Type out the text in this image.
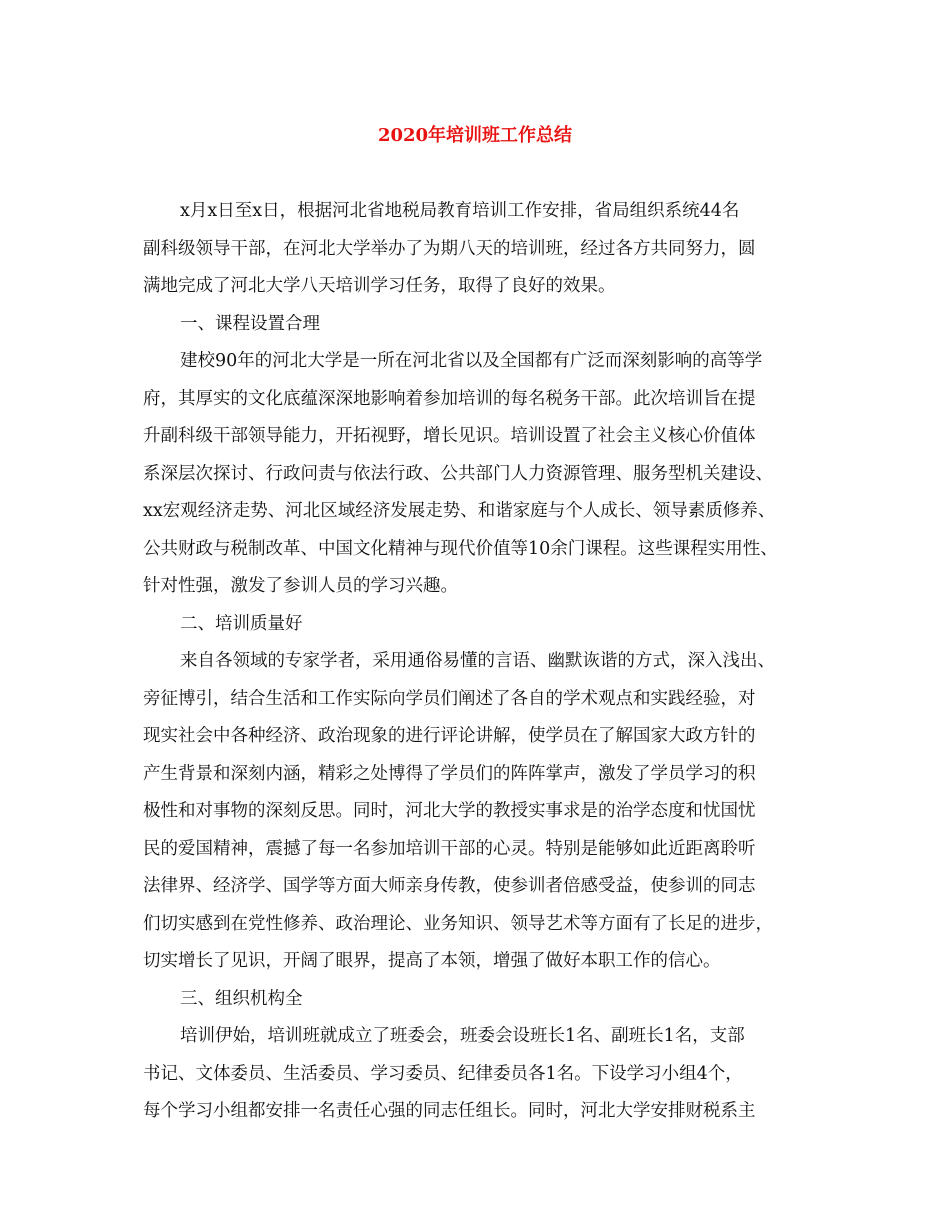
2020年培训班工作总结
x月x日至x日，根据河北省地税局教育培训工作安排，省局组织系统44名
副科级领导干部，在河北大学举办了为期八天的培训班，经过各方共同努力，圆
满地完成了河北大学八天培训学习任务，取得了良好的效果。
一、课程设置合理
建校90年的河北大学是一所在河北省以及全国都有广泛而深刻影响的高等学
府，其厚实的文化底蕴深深地影响着参加培训的每名税务干部。此次培训旨在提
升副科级干部领导能力，开拓视野，增长见识。培训设置了社会主义核心价值体
系深层次探讨、行政问责与依法行政、公共部门人力资源管理、服务型机关建设、
xx宏观经济走势、河北区域经济发展走势、和谐家庭与个人成长、领导素质修养、
公共财政与税制改革、中国文化精神与现代价值等10余门课程。这些课程实用性、
针对性强，激发了参训人员的学习兴趣。
二、培训质量好
来自各领域的专家学者，采用通俗易懂的言语、幽默诙谐的方式，深入浅出、
旁征博引，结合生活和工作实际向学员们阐述了各自的学术观点和实践经验，对
现实社会中各种经济、政治现象的进行评论讲解，使学员在了解国家大政方针的
产生背景和深刻内涵，精彩之处博得了学员们的阵阵掌声，激发了学员学习的积
极性和对事物的深刻反思。同时，河北大学的教授实事求是的治学态度和忧国忧
民的爱国精神，震撼了每一名参加培训干部的心灵。特别是能够如此近距离聆听
法律界、经济学、国学等方面大师亲身传教，使参训者倍感受益，使参训的同志
们切实感到在党性修养、政治理论、业务知识、领导艺术等方面有了长足的进步，
切实增长了见识，开阔了眼界，提高了本领，增强了做好本职工作的信心。
三、组织机构全
培训伊始，培训班就成立了班委会，班委会设班长1名、副班长1名，支部
书记、文体委员、生活委员、学习委员、纪律委员各1名。下设学习小组4个，
每个学习小组都安排一名责任心强的同志任组长。同时，河北大学安排财税系主
